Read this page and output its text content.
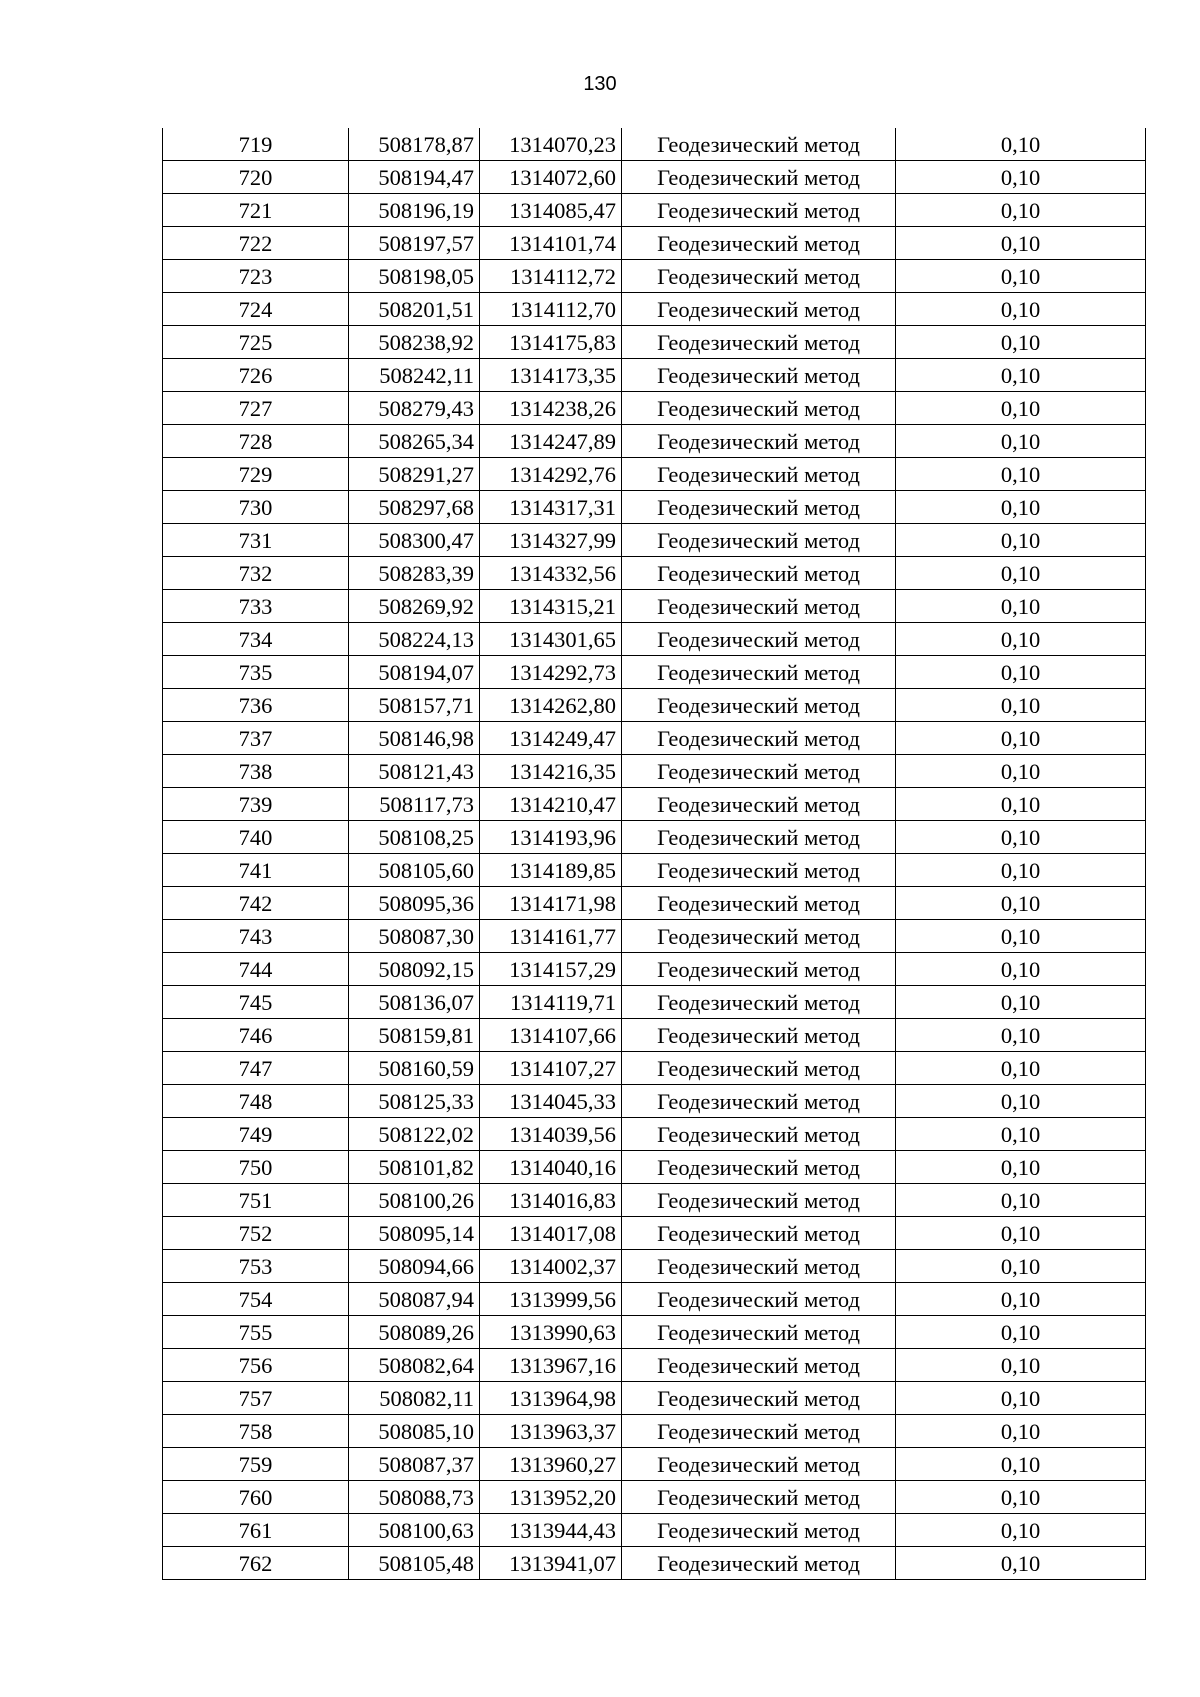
130
719	508178,87	1314070,23	Геодезический метод	0,10
720	508194,47	1314072,60	Геодезический метод	0,10
721	508196,19	1314085,47	Геодезический метод	0,10
722	508197,57	1314101,74	Геодезический метод	0,10
723	508198,05	1314112,72	Геодезический метод	0,10
724	508201,51	1314112,70	Геодезический метод	0,10
725	508238,92	1314175,83	Геодезический метод	0,10
726	508242,11	1314173,35	Геодезический метод	0,10
727	508279,43	1314238,26	Геодезический метод	0,10
728	508265,34	1314247,89	Геодезический метод	0,10
729	508291,27	1314292,76	Геодезический метод	0,10
730	508297,68	1314317,31	Геодезический метод	0,10
731	508300,47	1314327,99	Геодезический метод	0,10
732	508283,39	1314332,56	Геодезический метод	0,10
733	508269,92	1314315,21	Геодезический метод	0,10
734	508224,13	1314301,65	Геодезический метод	0,10
735	508194,07	1314292,73	Геодезический метод	0,10
736	508157,71	1314262,80	Геодезический метод	0,10
737	508146,98	1314249,47	Геодезический метод	0,10
738	508121,43	1314216,35	Геодезический метод	0,10
739	508117,73	1314210,47	Геодезический метод	0,10
740	508108,25	1314193,96	Геодезический метод	0,10
741	508105,60	1314189,85	Геодезический метод	0,10
742	508095,36	1314171,98	Геодезический метод	0,10
743	508087,30	1314161,77	Геодезический метод	0,10
744	508092,15	1314157,29	Геодезический метод	0,10
745	508136,07	1314119,71	Геодезический метод	0,10
746	508159,81	1314107,66	Геодезический метод	0,10
747	508160,59	1314107,27	Геодезический метод	0,10
748	508125,33	1314045,33	Геодезический метод	0,10
749	508122,02	1314039,56	Геодезический метод	0,10
750	508101,82	1314040,16	Геодезический метод	0,10
751	508100,26	1314016,83	Геодезический метод	0,10
752	508095,14	1314017,08	Геодезический метод	0,10
753	508094,66	1314002,37	Геодезический метод	0,10
754	508087,94	1313999,56	Геодезический метод	0,10
755	508089,26	1313990,63	Геодезический метод	0,10
756	508082,64	1313967,16	Геодезический метод	0,10
757	508082,11	1313964,98	Геодезический метод	0,10
758	508085,10	1313963,37	Геодезический метод	0,10
759	508087,37	1313960,27	Геодезический метод	0,10
760	508088,73	1313952,20	Геодезический метод	0,10
761	508100,63	1313944,43	Геодезический метод	0,10
762	508105,48	1313941,07	Геодезический метод	0,10
